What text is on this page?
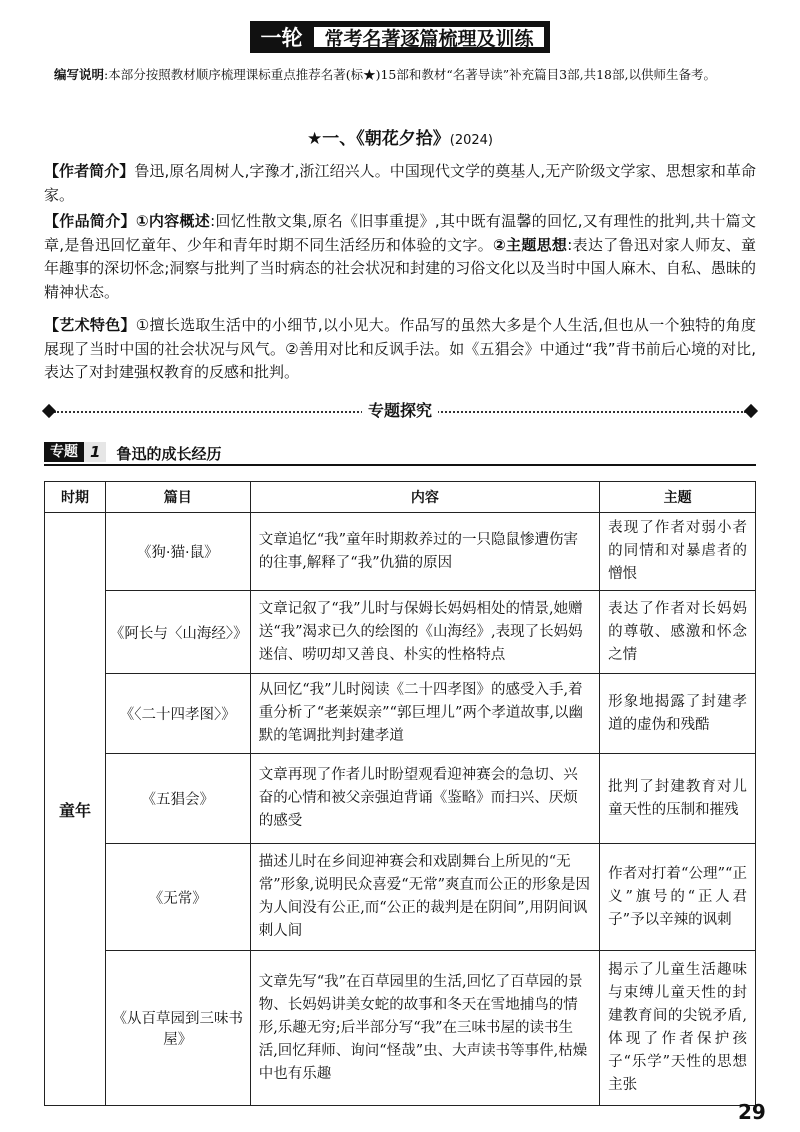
一轮	常考名著逐篇梳理及训练
编写说明:本部分按照教材顺序梳理课标重点推荐名著(标★)15部和教材“名著导读”补充篇目3部,共18部,以供师生备考。
★一、《朝花夕拾》(2024)
【作者简介】鲁迅,原名周树人,字豫才,浙江绍兴人。中国现代文学的奠基人,无产阶级文学家、思想家和革命家。
【作品简介】①内容概述:回忆性散文集,原名《旧事重提》,其中既有温馨的回忆,又有理性的批判,共十篇文章,是鲁迅回忆童年、少年和青年时期不同生活经历和体验的文字。②主题思想:表达了鲁迅对家人师友、童年趣事的深切怀念;洞察与批判了当时病态的社会状况和封建的习俗文化以及当时中国人麻木、自私、愚昧的精神状态。
【艺术特色】①擅长选取生活中的小细节,以小见大。作品写的虽然大多是个人生活,但也从一个独特的角度展现了当时中国的社会状况与风气。②善用对比和反讽手法。如《五猖会》中通过“我”背书前后心境的对比,表达了对封建强权教育的反感和批判。
专题探究
专题 1	鲁迅的成长经历
时期	篇目	内容	主题
童年	《狗·猫·鼠》	文章追忆“我”童年时期救养过的一只隐鼠惨遭伤害的往事,解释了“我”仇猫的原因	表现了作者对弱小者的同情和对暴虐者的憎恨
	《阿长与〈山海经〉》	文章记叙了“我”儿时与保姆长妈妈相处的情景,她赠送“我”渴求已久的绘图的《山海经》,表现了长妈妈迷信、唠叨却又善良、朴实的性格特点	表达了作者对长妈妈的尊敬、感激和怀念之情
	《〈二十四孝图〉》	从回忆“我”儿时阅读《二十四孝图》的感受入手,着重分析了“老莱娱亲”“郭巨埋儿”两个孝道故事,以幽默的笔调批判封建孝道	形象地揭露了封建孝道的虚伪和残酷
	《五猖会》	文章再现了作者儿时盼望观看迎神赛会的急切、兴奋的心情和被父亲强迫背诵《鉴略》而扫兴、厌烦的感受	批判了封建教育对儿童天性的压制和摧残
	《无常》	描述儿时在乡间迎神赛会和戏剧舞台上所见的“无常”形象,说明民众喜爱“无常”爽直而公正的形象是因为人间没有公正,而“公正的裁判是在阴间”,用阴间讽刺人间	作者对打着“公理”“正义”旗号的“正人君子”予以辛辣的讽刺
	《从百草园到三味书屋》	文章先写“我”在百草园里的生活,回忆了百草园的景物、长妈妈讲美女蛇的故事和冬天在雪地捕鸟的情形,乐趣无穷;后半部分写“我”在三味书屋的读书生活,回忆拜师、询问“怪哉”虫、大声读书等事件,枯燥中也有乐趣	揭示了儿童生活趣味与束缚儿童天性的封建教育间的尖锐矛盾,体现了作者保护孩子“乐学”天性的思想主张
29
